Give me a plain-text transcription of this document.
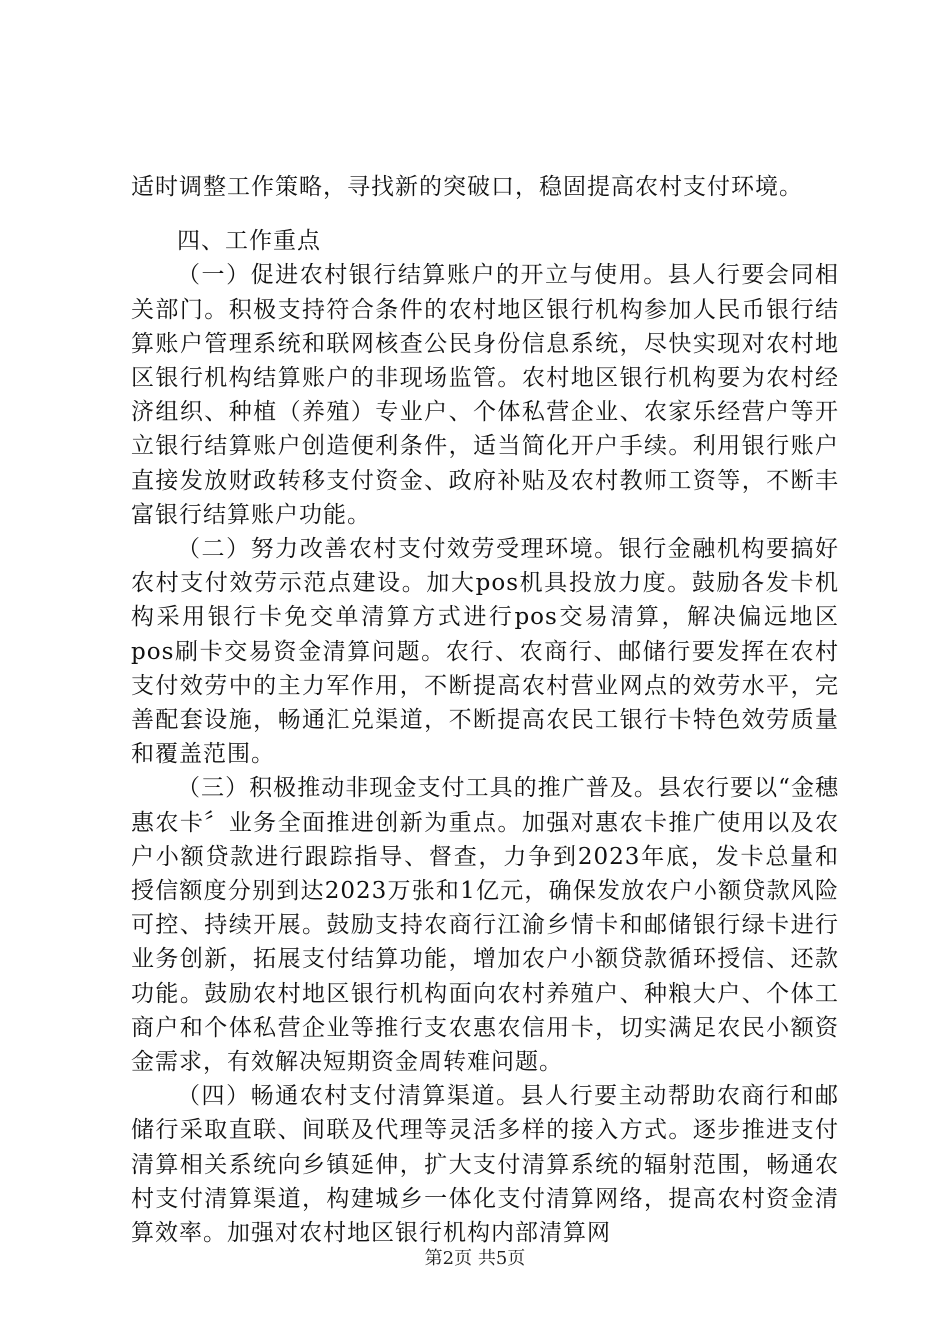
适时调整工作策略，寻找新的突破口，稳固提高农村支付环境。

四、工作重点

（一）促进农村银行结算账户的开立与使用。县人行要会同相关部门。积极支持符合条件的农村地区银行机构参加人民币银行结算账户管理系统和联网核查公民身份信息系统，尽快实现对农村地区银行机构结算账户的非现场监管。农村地区银行机构要为农村经济组织、种植（养殖）专业户、个体私营企业、农家乐经营户等开立银行结算账户创造便利条件，适当简化开户手续。利用银行账户直接发放财政转移支付资金、政府补贴及农村教师工资等，不断丰富银行结算账户功能。

（二）努力改善农村支付效劳受理环境。银行金融机构要搞好农村支付效劳示范点建设。加大pos机具投放力度。鼓励各发卡机构采用银行卡免交单清算方式进行pos交易清算，解决偏远地区pos刷卡交易资金清算问题。农行、农商行、邮储行要发挥在农村支付效劳中的主力军作用，不断提高农村营业网点的效劳水平，完善配套设施，畅通汇兑渠道，不断提高农民工银行卡特色效劳质量和覆盖范围。

（三）积极推动非现金支付工具的推广普及。县农行要以“金穗惠农卡〞业务全面推进创新为重点。加强对惠农卡推广使用以及农户小额贷款进行跟踪指导、督查，力争到2023年底，发卡总量和授信额度分别到达2023万张和1亿元，确保发放农户小额贷款风险可控、持续开展。鼓励支持农商行江渝乡情卡和邮储银行绿卡进行业务创新，拓展支付结算功能，增加农户小额贷款循环授信、还款功能。鼓励农村地区银行机构面向农村养殖户、种粮大户、个体工商户和个体私营企业等推行支农惠农信用卡，切实满足农民小额资金需求，有效解决短期资金周转难问题。

（四）畅通农村支付清算渠道。县人行要主动帮助农商行和邮储行采取直联、间联及代理等灵活多样的接入方式。逐步推进支付清算相关系统向乡镇延伸，扩大支付清算系统的辐射范围，畅通农村支付清算渠道，构建城乡一体化支付清算网络，提高农村资金清算效率。加强对农村地区银行机构内部清算网

第2页 共5页
